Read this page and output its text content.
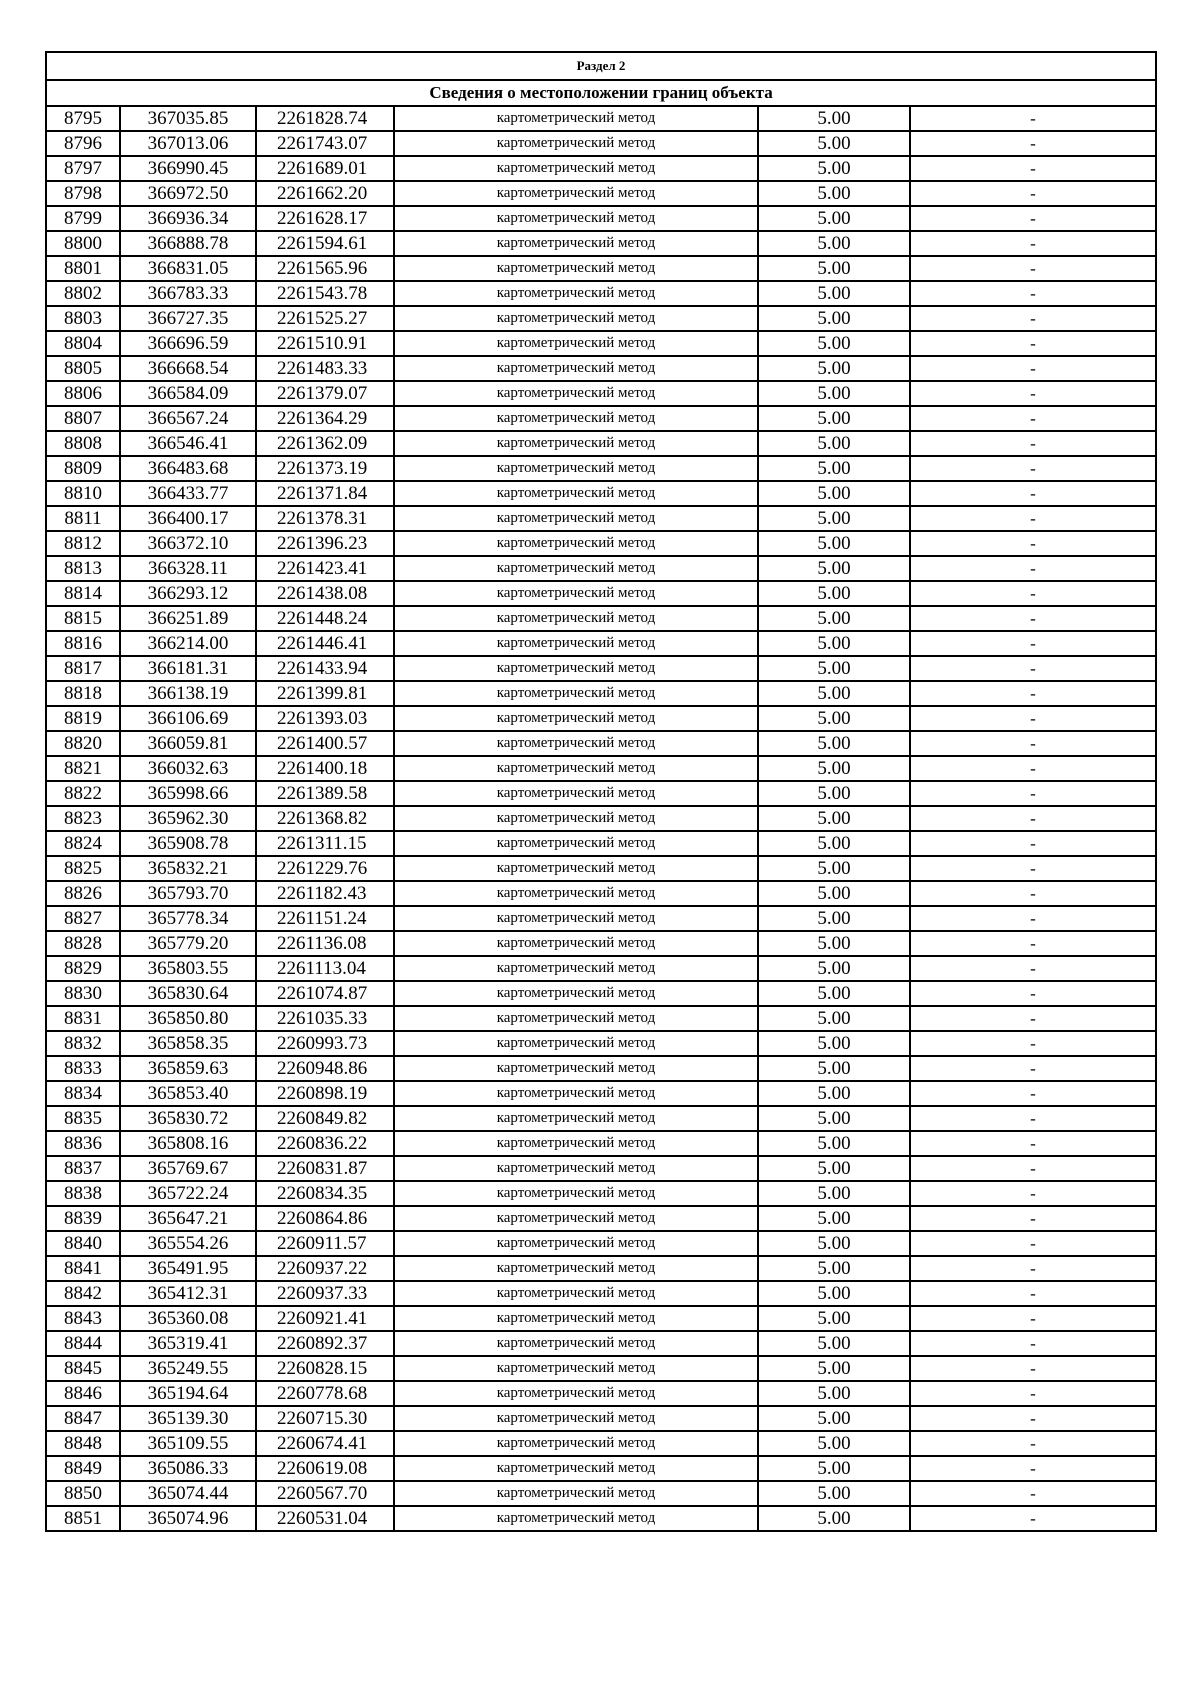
Раздел 2					
Сведения о местоположении границ объекта					
8795	367035.85	2261828.74	картометрический метод	5.00	-
8796	367013.06	2261743.07	картометрический метод	5.00	-
8797	366990.45	2261689.01	картометрический метод	5.00	-
8798	366972.50	2261662.20	картометрический метод	5.00	-
8799	366936.34	2261628.17	картометрический метод	5.00	-
8800	366888.78	2261594.61	картометрический метод	5.00	-
8801	366831.05	2261565.96	картометрический метод	5.00	-
8802	366783.33	2261543.78	картометрический метод	5.00	-
8803	366727.35	2261525.27	картометрический метод	5.00	-
8804	366696.59	2261510.91	картометрический метод	5.00	-
8805	366668.54	2261483.33	картометрический метод	5.00	-
8806	366584.09	2261379.07	картометрический метод	5.00	-
8807	366567.24	2261364.29	картометрический метод	5.00	-
8808	366546.41	2261362.09	картометрический метод	5.00	-
8809	366483.68	2261373.19	картометрический метод	5.00	-
8810	366433.77	2261371.84	картометрический метод	5.00	-
8811	366400.17	2261378.31	картометрический метод	5.00	-
8812	366372.10	2261396.23	картометрический метод	5.00	-
8813	366328.11	2261423.41	картометрический метод	5.00	-
8814	366293.12	2261438.08	картометрический метод	5.00	-
8815	366251.89	2261448.24	картометрический метод	5.00	-
8816	366214.00	2261446.41	картометрический метод	5.00	-
8817	366181.31	2261433.94	картометрический метод	5.00	-
8818	366138.19	2261399.81	картометрический метод	5.00	-
8819	366106.69	2261393.03	картометрический метод	5.00	-
8820	366059.81	2261400.57	картометрический метод	5.00	-
8821	366032.63	2261400.18	картометрический метод	5.00	-
8822	365998.66	2261389.58	картометрический метод	5.00	-
8823	365962.30	2261368.82	картометрический метод	5.00	-
8824	365908.78	2261311.15	картометрический метод	5.00	-
8825	365832.21	2261229.76	картометрический метод	5.00	-
8826	365793.70	2261182.43	картометрический метод	5.00	-
8827	365778.34	2261151.24	картометрический метод	5.00	-
8828	365779.20	2261136.08	картометрический метод	5.00	-
8829	365803.55	2261113.04	картометрический метод	5.00	-
8830	365830.64	2261074.87	картометрический метод	5.00	-
8831	365850.80	2261035.33	картометрический метод	5.00	-
8832	365858.35	2260993.73	картометрический метод	5.00	-
8833	365859.63	2260948.86	картометрический метод	5.00	-
8834	365853.40	2260898.19	картометрический метод	5.00	-
8835	365830.72	2260849.82	картометрический метод	5.00	-
8836	365808.16	2260836.22	картометрический метод	5.00	-
8837	365769.67	2260831.87	картометрический метод	5.00	-
8838	365722.24	2260834.35	картометрический метод	5.00	-
8839	365647.21	2260864.86	картометрический метод	5.00	-
8840	365554.26	2260911.57	картометрический метод	5.00	-
8841	365491.95	2260937.22	картометрический метод	5.00	-
8842	365412.31	2260937.33	картометрический метод	5.00	-
8843	365360.08	2260921.41	картометрический метод	5.00	-
8844	365319.41	2260892.37	картометрический метод	5.00	-
8845	365249.55	2260828.15	картометрический метод	5.00	-
8846	365194.64	2260778.68	картометрический метод	5.00	-
8847	365139.30	2260715.30	картометрический метод	5.00	-
8848	365109.55	2260674.41	картометрический метод	5.00	-
8849	365086.33	2260619.08	картометрический метод	5.00	-
8850	365074.44	2260567.70	картометрический метод	5.00	-
8851	365074.96	2260531.04	картометрический метод	5.00	-
